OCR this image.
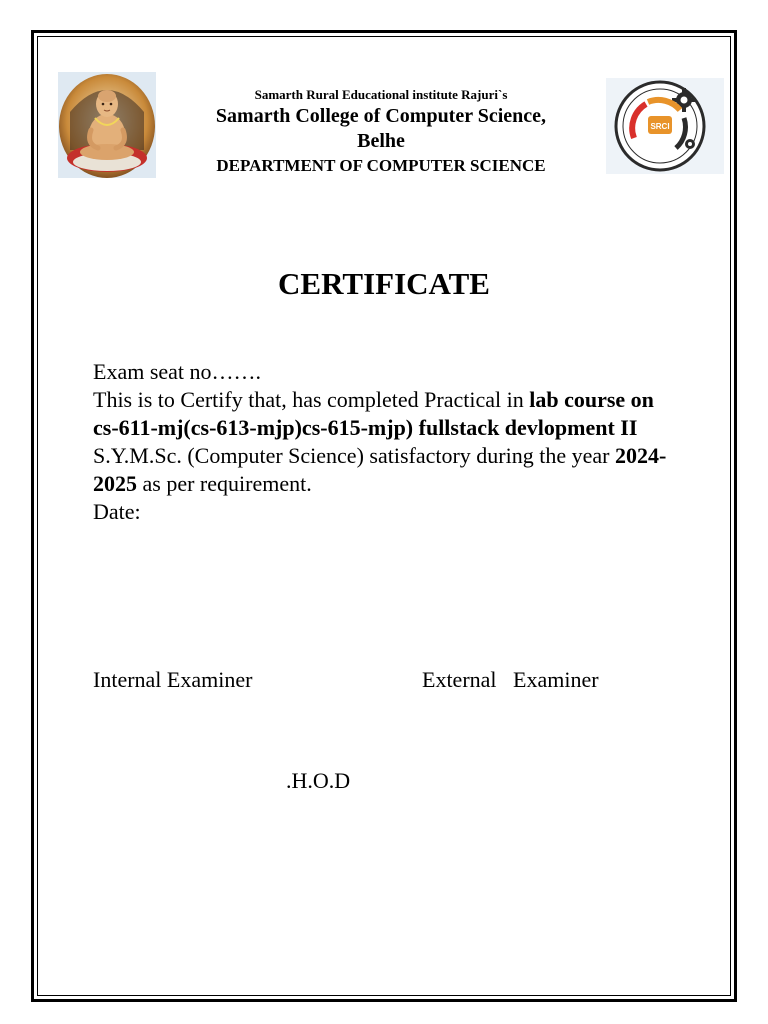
Samarth Rural Educational institute Rajuri`s
Samarth College of Computer Science,
Belhe
DEPARTMENT OF COMPUTER SCIENCE
SRCI
CERTIFICATE

Exam seat no…….

This is to Certify that, has completed Practical in lab course on cs-611-mj(cs-613-mjp)cs-615-mjp) fullstack devlopment II S.Y.M.Sc. (Computer Science) satisfactory during the year 2024-2025 as per requirement.

Date:

Internal Examiner	External   Examiner
.H.O.D
